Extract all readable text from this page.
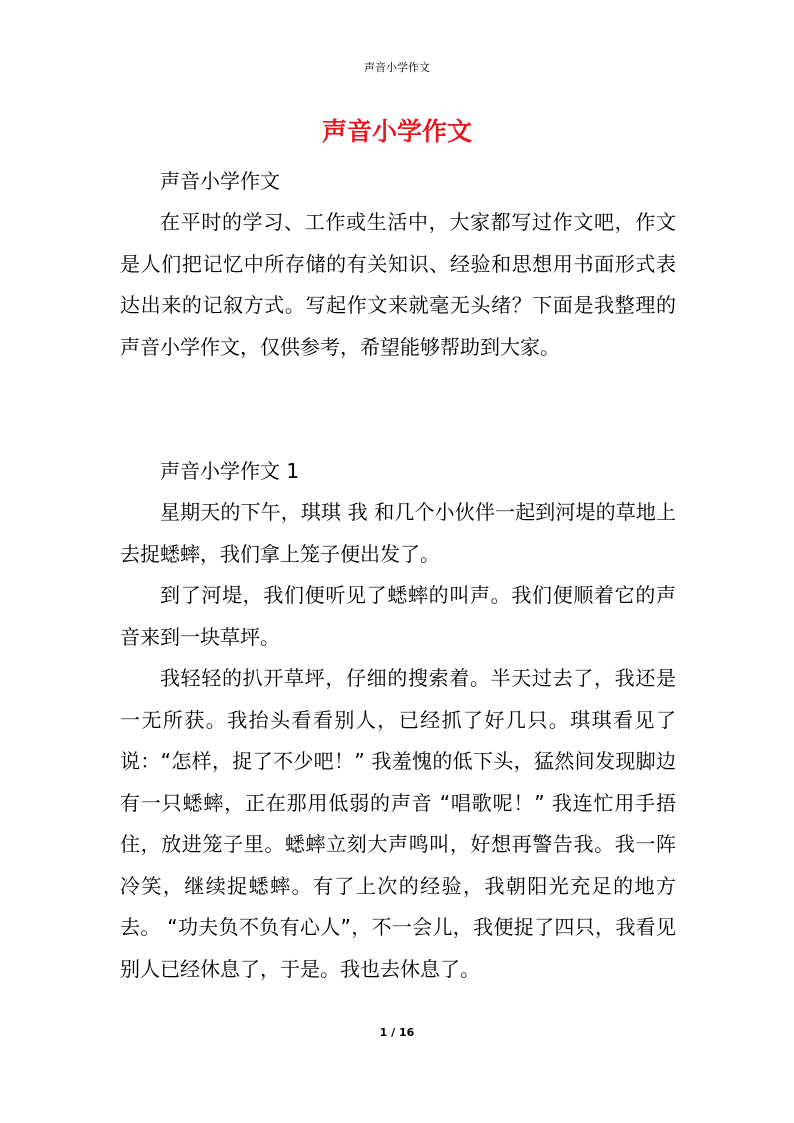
声音小学作文
声音小学作文

声音小学作文

在平时的学习、工作或生活中，大家都写过作文吧，作文是人们把记忆中所存储的有关知识、经验和思想用书面形式表达出来的记叙方式。写起作文来就毫无头绪？下面是我整理的声音小学作文，仅供参考，希望能够帮助到大家。

声音小学作文 1

星期天的下午，琪琪 我 和几个小伙伴一起到河堤的草地上去捉蟋蟀，我们拿上笼子便出发了。

到了河堤，我们便听见了蟋蟀的叫声。我们便顺着它的声音来到一块草坪。

我轻轻的扒开草坪，仔细的搜索着。半天过去了，我还是一无所获。我抬头看看别人，已经抓了好几只。琪琪看见了说：“怎样，捉了不少吧！” 我羞愧的低下头，猛然间发现脚边有一只蟋蟀，正在那用低弱的声音 “唱歌呢！” 我连忙用手捂住，放进笼子里。蟋蟀立刻大声鸣叫，好想再警告我。我一阵冷笑，继续捉蟋蟀。有了上次的经验，我朝阳光充足的地方去。 “功夫负不负有心人”，不一会儿，我便捉了四只，我看见别人已经休息了，于是。我也去休息了。

1 / 16
